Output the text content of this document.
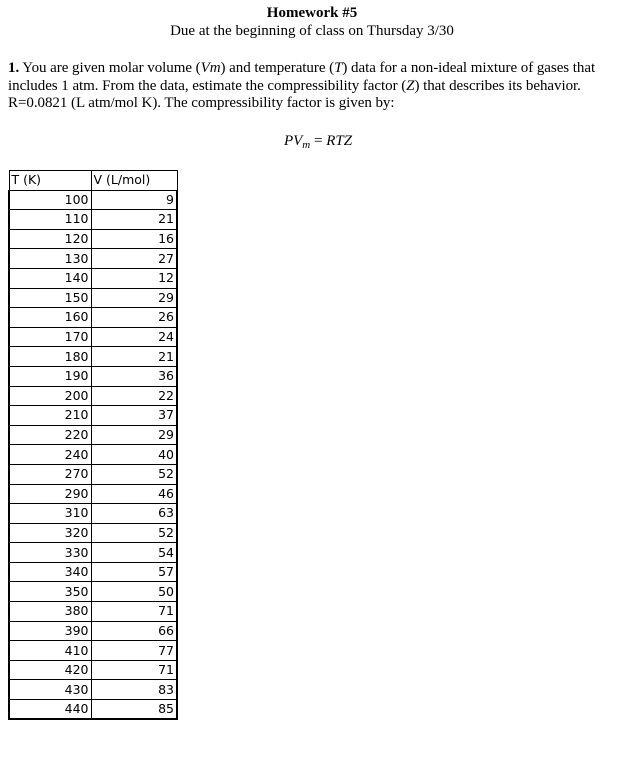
Homework #5
Due at the beginning of class on Thursday 3/30
1. You are given molar volume (Vm) and temperature (T) data for a non-ideal mixture of gases that includes 1 atm. From the data, estimate the compressibility factor (Z) that describes its behavior. R=0.0821 (L atm/mol K). The compressibility factor is given by:
$PV_m$ = RTZ
T (K)	V (L/mol)
100	9
110	21
120	16
130	27
140	12
150	29
160	26
170	24
180	21
190	36
200	22
210	37
220	29
240	40
270	52
290	46
310	63
320	52
330	54
340	57
350	50
380	71
390	66
410	77
420	71
430	83
440	85
